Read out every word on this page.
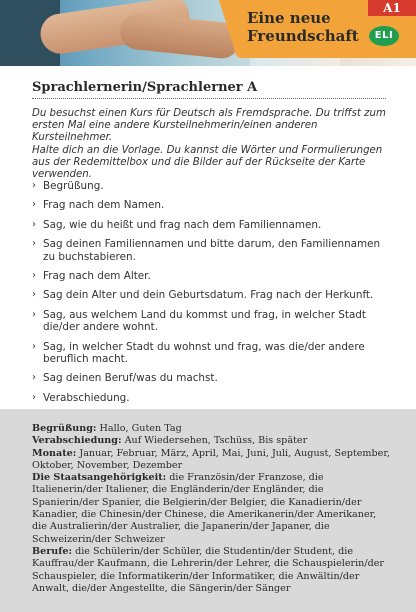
Eine neue Freundschaft
A1
ELI
Sprachlernerin/Sprachlerner A

Du besuchst einen Kurs für Deutsch als Fremdsprache. Du triffst zum ersten Mal eine andere Kursteilnehmerin/einen anderen Kursteilnehmer.

Halte dich an die Vorlage. Du kannst die Wörter und Formulierungen aus der Redemittelbox und die Bilder auf der Rückseite der Karte verwenden.

› Begrüßung.
› Frag nach dem Namen.
› Sag, wie du heißt und frag nach dem Familiennamen.
› Sag deinen Familiennamen und bitte darum, den Familiennamen zu buchstabieren.
› Frag nach dem Alter.
› Sag dein Alter und dein Geburtsdatum. Frag nach der Herkunft.
› Sag, aus welchem Land du kommst und frag, in welcher Stadt die/der andere wohnt.
› Sag, in welcher Stadt du wohnst und frag, was die/der andere beruflich macht.
› Sag deinen Beruf/was du machst.
› Verabschiedung.

Begrüßung: Hallo, Guten Tag

Verabschiedung: Auf Wiedersehen, Tschüss, Bis später

Monate: Januar, Februar, März, April, Mai, Juni, Juli, August, September, Oktober, November, Dezember

Die Staatsangehörigkeit: die Französin/der Franzose, die Italienerin/der Italiener, die Engländerin/der Engländer, die Spanierin/der Spanier, die Belgierin/der Belgier, die Kanadierin/der Kanadier, die Chinesin/der Chinese, die Amerikanerin/der Amerikaner, die Australierin/der Australier, die Japanerin/der Japaner, die Schweizerin/der Schweizer

Berufe: die Schülerin/der Schüler, die Studentin/der Student, die Kauffrau/der Kaufmann, die Lehrerin/der Lehrer, die Schauspielerin/der Schauspieler, die Informatikerin/der Informatiker, die Anwältin/der Anwalt, die/der Angestellte, die Sängerin/der Sänger
